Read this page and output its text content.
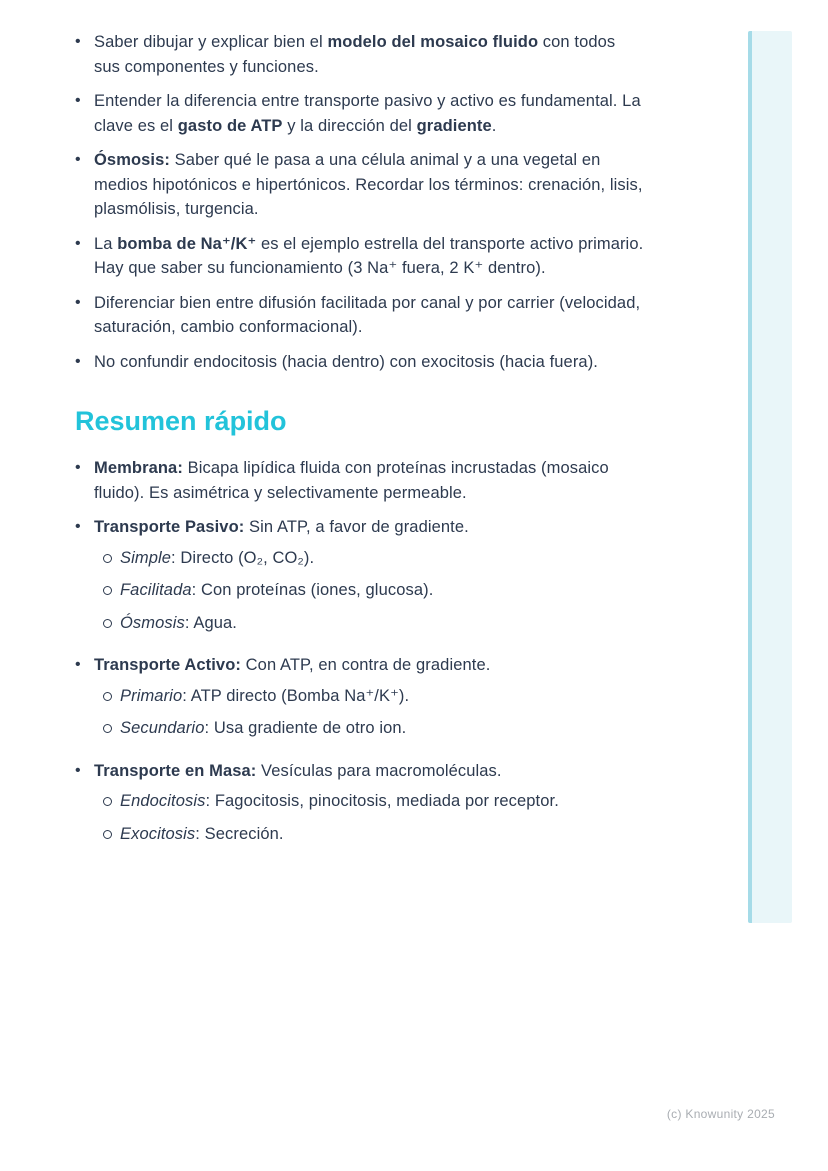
• Saber dibujar y explicar bien el modelo del mosaico fluido con todos sus componentes y funciones.
• Entender la diferencia entre transporte pasivo y activo es fundamental. La clave es el gasto de ATP y la dirección del gradiente.
• Ósmosis: Saber qué le pasa a una célula animal y a una vegetal en medios hipotónicos e hipertónicos. Recordar los términos: crenación, lisis, plasmólisis, turgencia.
• La bomba de Na⁺/K⁺ es el ejemplo estrella del transporte activo primario. Hay que saber su funcionamiento (3 Na⁺ fuera, 2 K⁺ dentro).
• Diferenciar bien entre difusión facilitada por canal y por carrier (velocidad, saturación, cambio conformacional).
• No confundir endocitosis (hacia dentro) con exocitosis (hacia fuera).
Resumen rápido
• Membrana: Bicapa lipídica fluida con proteínas incrustadas (mosaico fluido). Es asimétrica y selectivamente permeable.
• Transporte Pasivo: Sin ATP, a favor de gradiente.
Simple: Directo (O₂, CO₂).
Facilitada: Con proteínas (iones, glucosa).
Ósmosis: Agua.
• Transporte Activo: Con ATP, en contra de gradiente.
Primario: ATP directo (Bomba Na⁺/K⁺).
Secundario: Usa gradiente de otro ion.
• Transporte en Masa: Vesículas para macromoléculas.
Endocitosis: Fagocitosis, pinocitosis, mediada por receptor.
Exocitosis: Secreción.
(c) Knowunity 2025
